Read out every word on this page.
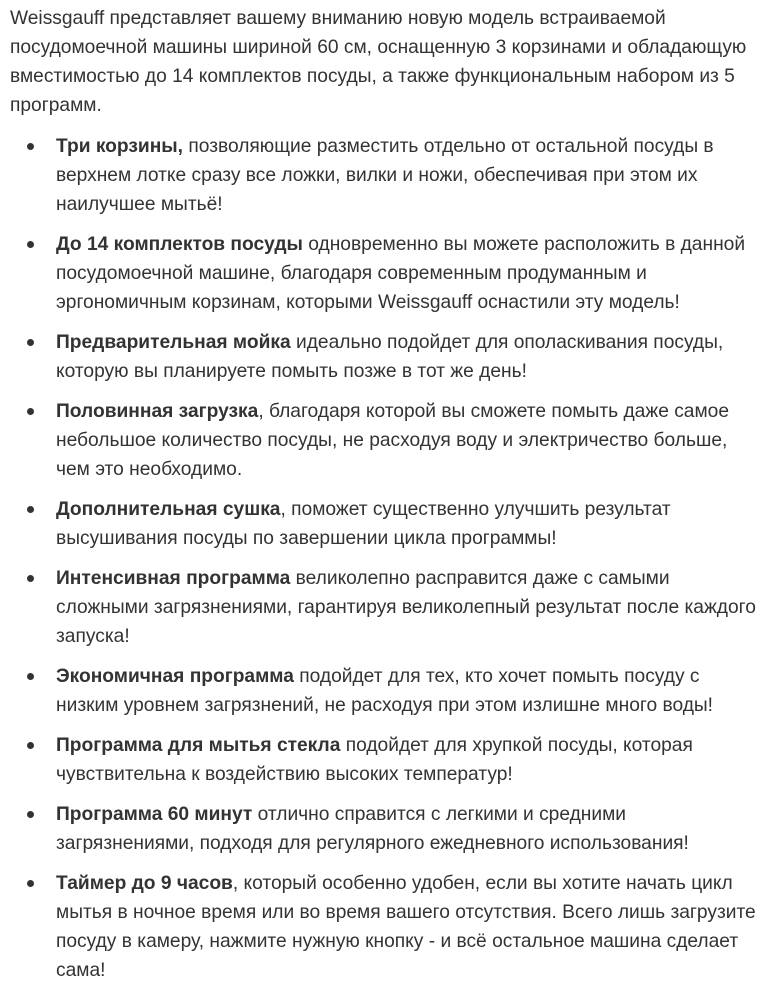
Weissgauff представляет вашему вниманию новую модель встраиваемой посудомоечной машины шириной 60 см, оснащенную 3 корзинами и обладающую вместимостью до 14 комплектов посуды, а также функциональным набором из 5 программ.

Три корзины, позволяющие разместить отдельно от остальной посуды в верхнем лотке сразу все ложки, вилки и ножи, обеспечивая при этом их наилучшее мытьё!
До 14 комплектов посуды одновременно вы можете расположить в данной посудомоечной машине, благодаря современным продуманным и эргономичным корзинам, которыми Weissgauff оснастили эту модель!
Предварительная мойка идеально подойдет для ополаскивания посуды, которую вы планируете помыть позже в тот же день!
Половинная загрузка, благодаря которой вы сможете помыть даже самое небольшое количество посуды, не расходуя воду и электричество больше, чем это необходимо.
Дополнительная сушка, поможет существенно улучшить результат высушивания посуды по завершении цикла программы!
Интенсивная программа великолепно расправится даже с самыми сложными загрязнениями, гарантируя великолепный результат после каждого запуска!
Экономичная программа подойдет для тех, кто хочет помыть посуду с низким уровнем загрязнений, не расходуя при этом излишне много воды!
Программа для мытья стекла подойдет для хрупкой посуды, которая чувствительна к воздействию высоких температур!
Программа 60 минут отлично справится с легкими и средними загрязнениями, подходя для регулярного ежедневного использования!
Таймер до 9 часов, который особенно удобен, если вы хотите начать цикл мытья в ночное время или во время вашего отсутствия. Всего лишь загрузите посуду в камеру, нажмите нужную кнопку - и всё остальное машина сделает сама!
